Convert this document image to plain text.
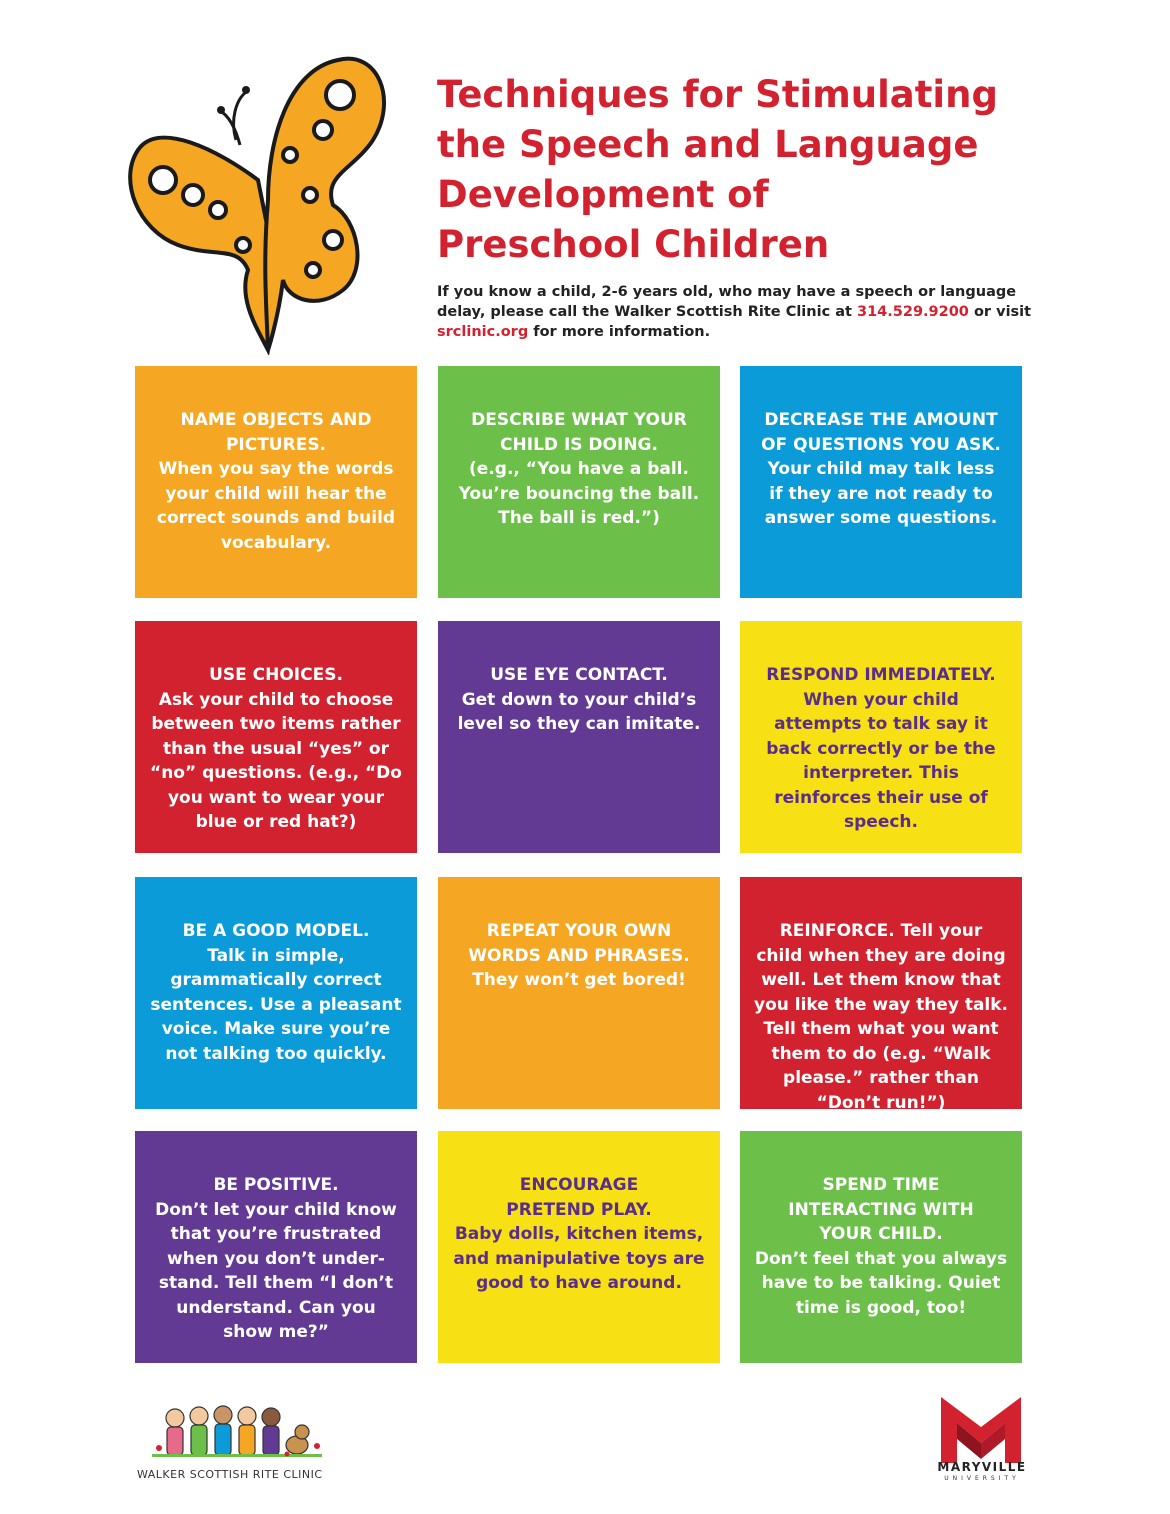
Techniques for Stimulating
the Speech and Language
Development of
Preschool Children
If you know a child, 2-6 years old, who may have a speech or language delay, please call the Walker Scottish Rite Clinic at 314.529.9200 or visit srclinic.org for more information.
NAME OBJECTS AND PICTURES.
When you say the words your child will hear the correct sounds and build vocabulary.
DESCRIBE WHAT YOUR CHILD IS DOING.
(e.g., “You have a ball. You’re bouncing the ball. The ball is red.”)
DECREASE THE AMOUNT OF QUESTIONS YOU ASK.
Your child may talk less if they are not ready to answer some questions.
USE CHOICES.
Ask your child to choose between two items rather than the usual “yes” or “no” questions. (e.g., “Do you want to wear your blue or red hat?)
USE EYE CONTACT.
Get down to your child’s level so they can imitate.
RESPOND IMMEDIATELY.
When your child attempts to talk say it back correctly or be the interpreter. This reinforces their use of speech.
BE A GOOD MODEL.
Talk in simple, grammatically correct sentences. Use a pleasant voice. Make sure you’re not talking too quickly.
REPEAT YOUR OWN WORDS AND PHRASES.
They won’t get bored!
REINFORCE. Tell your child when they are doing well. Let them know that you like the way they talk. Tell them what you want them to do (e.g. “Walk please.” rather than “Don’t run!”)
BE POSITIVE.
Don’t let your child know that you’re frustrated when you don’t under-stand. Tell them “I don’t understand. Can you show me?”
ENCOURAGE PRETEND PLAY.
Baby dolls, kitchen items, and manipulative toys are good to have around.
SPEND TIME INTERACTING WITH YOUR CHILD.
Don’t feel that you always have to be talking. Quiet time is good, too!
WALKER SCOTTISH RITE CLINIC
MARYVILLE
UNIVERSITY
